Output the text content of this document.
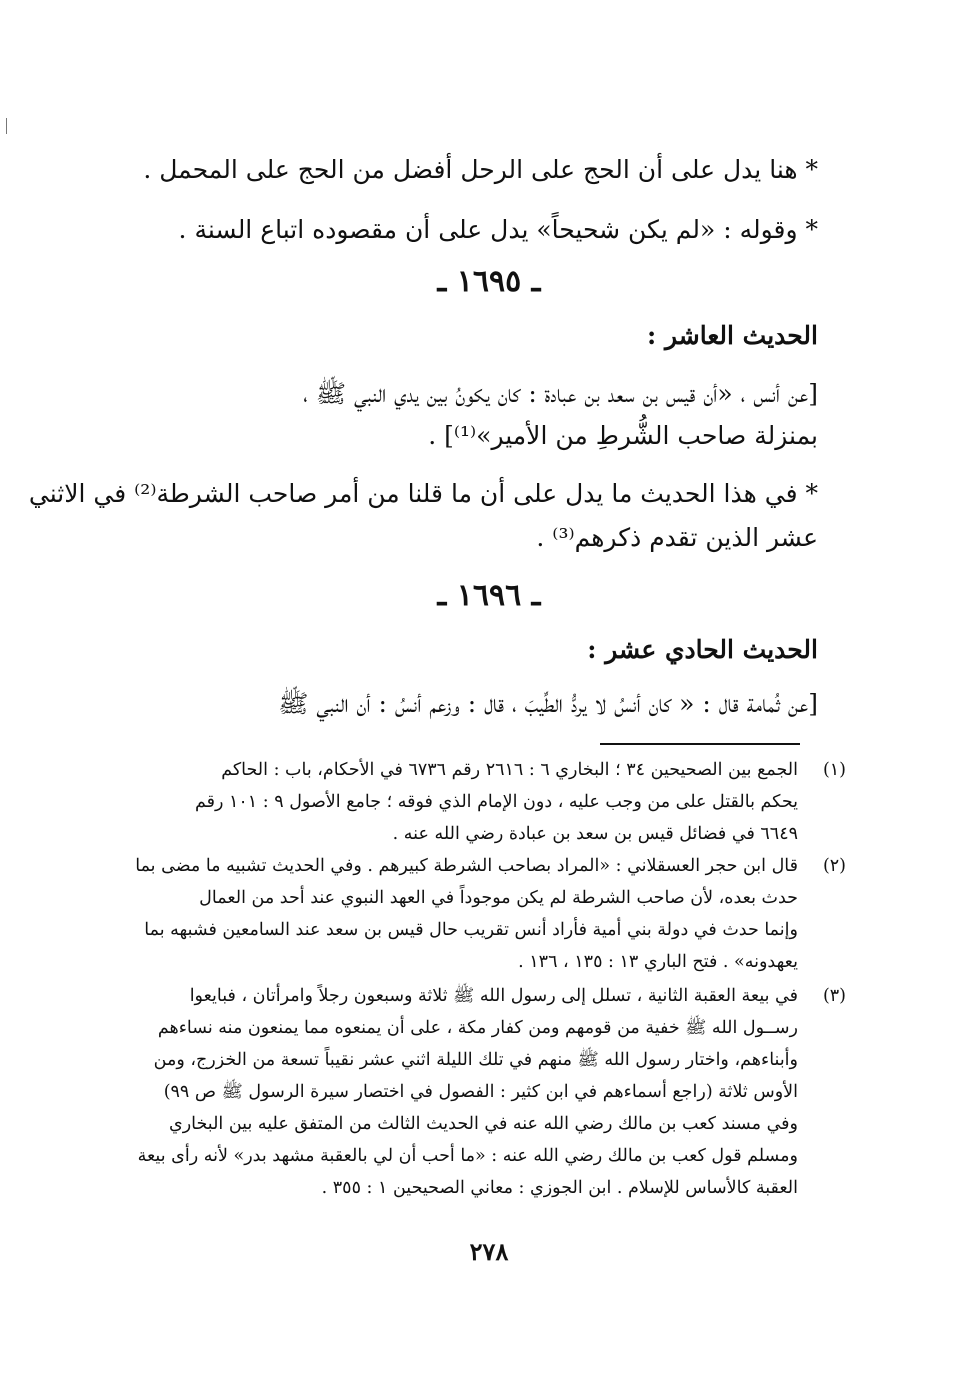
* هنا يدل على أن الحج على الرحل أفضل من الحج على المحمل .
* وقوله : «لم يكن شحيحاً» يدل على أن مقصوده اتباع السنة .
ـ ١٦٩٥ ـ
الحديث العاشر :
[عن أنس ، «أن قيس بن سعد بن عبادة : كان يكونُ بين يدي النبي ﷺ ،
بمنزلة صاحب الشُّرطِ من الأمير»⁽¹⁾] .
* في هذا الحديث ما يدل على أن ما قلنا من أمر صاحب الشرطة⁽²⁾ في الاثني
عشر الذين تقدم ذكرهم⁽³⁾ .
ـ ١٦٩٦ ـ
الحديث الحادي عشر :
[عن ثُمامة قال : « كان أنسُ لا يردُّ الطِّيبَ ، قال : وزعم أنسُ : أن النبي ﷺ
(١)
الجمع بين الصحيحين ٣٤ ؛ البخاري ٦ : ٢٦١٦ رقم ٦٧٣٦ في الأحكام، باب : الحاكم
يحكم بالقتل على من وجب عليه ، دون الإمام الذي فوقه ؛ جامع الأصول ٩ : ١٠١ رقم
٦٦٤٩ في فضائل قيس بن سعد بن عبادة رضي الله عنه .
(٢)
قال ابن حجر العسقلاني : «المراد بصاحب الشرطة كبيرهم . وفي الحديث تشبيه ما مضى بما
حدث بعده، لأن صاحب الشرطة لم يكن موجوداً في العهد النبوي عند أحد من العمال
وإنما حدث في دولة بني أمية فأراد أنس تقريب حال قيس بن سعد عند السامعين فشبهه بما
يعهدونه» . فتح الباري ١٣ : ١٣٥ ، ١٣٦ .
(٣)
في بيعة العقبة الثانية ، تسلل إلى رسول الله ﷺ ثلاثة وسبعون رجلاً وامرأتان ، فبايعوا
رســول الله ﷺ خفية من قومهم ومن كفار مكة ، على أن يمنعوه مما يمنعون منه نساءهم
وأبناءهم، واختار رسول الله ﷺ منهم في تلك الليلة اثني عشر نقيباً تسعة من الخزرج، ومن
الأوس ثلاثة (راجع أسماءهم في ابن كثير : الفصول في اختصار سيرة الرسول ﷺ ص ٩٩)
وفي مسند كعب بن مالك رضي الله عنه في الحديث الثالث من المتفق عليه بين البخاري
ومسلم قول كعب بن مالك رضي الله عنه : «ما أحب أن لي بالعقبة مشهد بدر» لأنه رأى بيعة
العقبة كالأساس للإسلام . ابن الجوزي : معاني الصحيحين ١ : ٣٥٥ .
٢٧٨
